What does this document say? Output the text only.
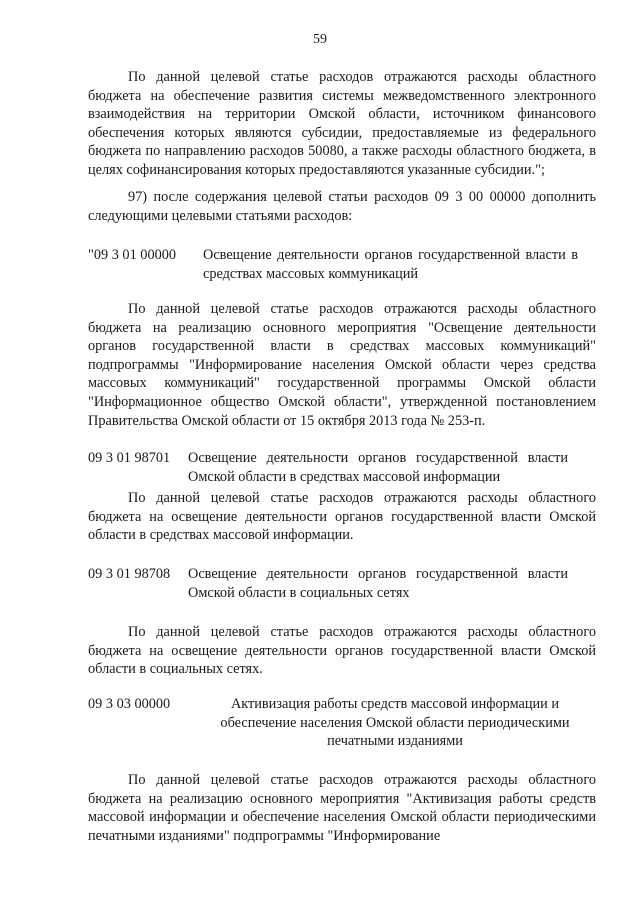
59

По данной целевой статье расходов отражаются расходы областного бюджета на обеспечение развития системы межведомственного электронного взаимодействия на территории Омской области, источником финансового обеспечения которых являются субсидии, предоставляемые из федерального бюджета по направлению расходов 50080, а также расходы областного бюджета, в целях софинансирования которых предоставляются указанные субсидии.";

97) после содержания целевой статьи расходов 09 3 00 00000 дополнить следующими целевыми статьями расходов:

"09 3 01 00000 Освещение деятельности органов государственной власти в средствах массовых коммуникаций

По данной целевой статье расходов отражаются расходы областного бюджета на реализацию основного мероприятия "Освещение деятельности органов государственной власти в средствах массовых коммуникаций" подпрограммы "Информирование населения Омской области через средства массовых коммуникаций" государственной программы Омской области "Информационное общество Омской области", утвержденной постановлением Правительства Омской области от 15 октября 2013 года № 253-п.

09 3 01 98701 Освещение деятельности органов государственной власти Омской области в средствах массовой информации

По данной целевой статье расходов отражаются расходы областного бюджета на освещение деятельности органов государственной власти Омской области в средствах массовой информации.

09 3 01 98708 Освещение деятельности органов государственной власти Омской области в социальных сетях

По данной целевой статье расходов отражаются расходы областного бюджета на освещение деятельности органов государственной власти Омской области в социальных сетях.

09 3 03 00000	Активизация работы средств массовой информации и обеспечение населения Омской области периодическими печатными изданиями

По данной целевой статье расходов отражаются расходы областного бюджета на реализацию основного мероприятия "Активизация работы средств массовой информации и обеспечение населения Омской области периодическими печатными изданиями" подпрограммы "Информирование
